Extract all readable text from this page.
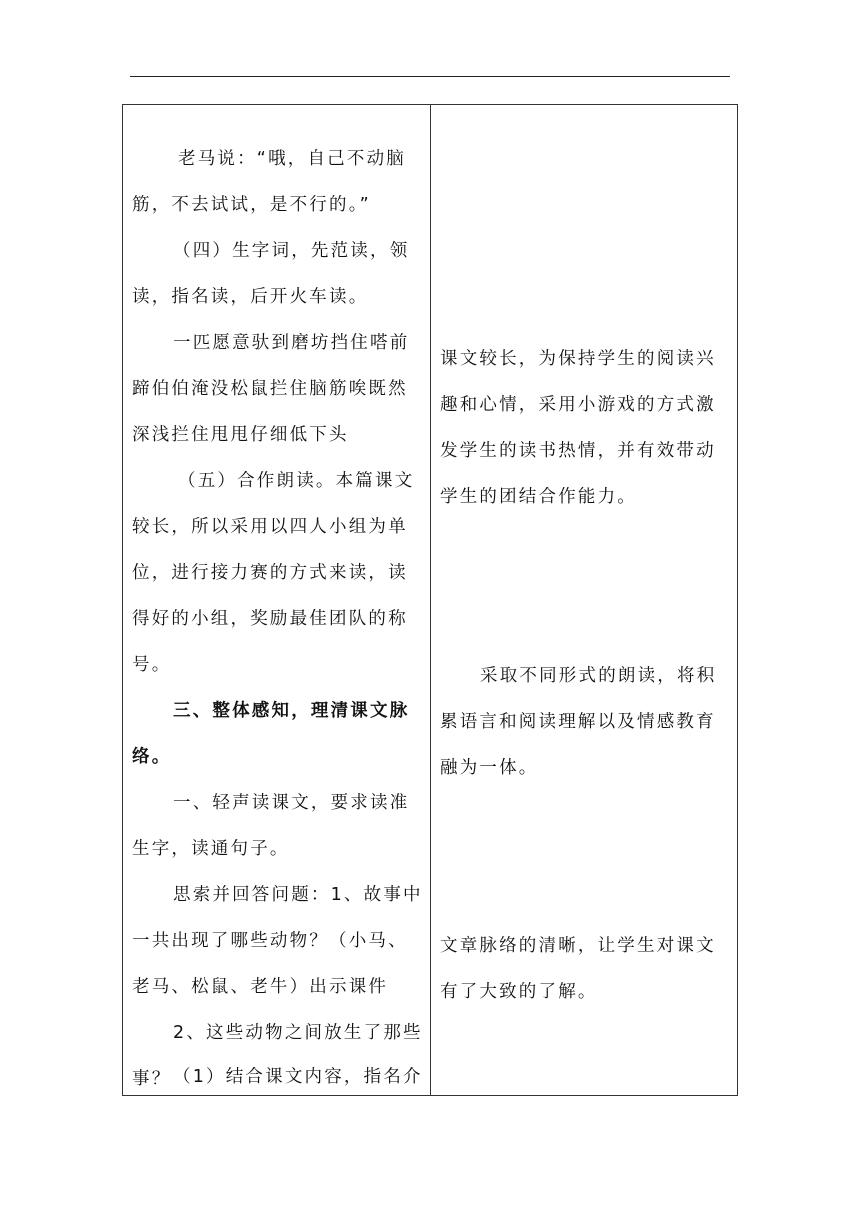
老马说：“哦，自己不动脑
筋，不去试试，是不行的。”
（四）生字词，先范读，领
读，指名读，后开火车读。
一匹愿意驮到磨坊挡住嗒前
蹄伯伯淹没松鼠拦住脑筋唉既然
深浅拦住甩甩仔细低下头
（五）合作朗读。本篇课文
较长，所以采用以四人小组为单
位，进行接力赛的方式来读，读
得好的小组，奖励最佳团队的称
号。
三、整体感知，理清课文脉
络。
一、轻声读课文，要求读准
生字，读通句子。
思索并回答问题：1、故事中
一共出现了哪些动物？（小马、
老马、松鼠、老牛）出示课件
2、这些动物之间放生了那些
事？
课文较长，为保持学生的阅读兴
趣和心情，采用小游戏的方式激
发学生的读书热情，并有效带动
学生的团结合作能力。
采取不同形式的朗读，将积
累语言和阅读理解以及情感教育
融为一体。
文章脉络的清晰，让学生对课文
有了大致的了解。
（1）结合课文内容，指名介
